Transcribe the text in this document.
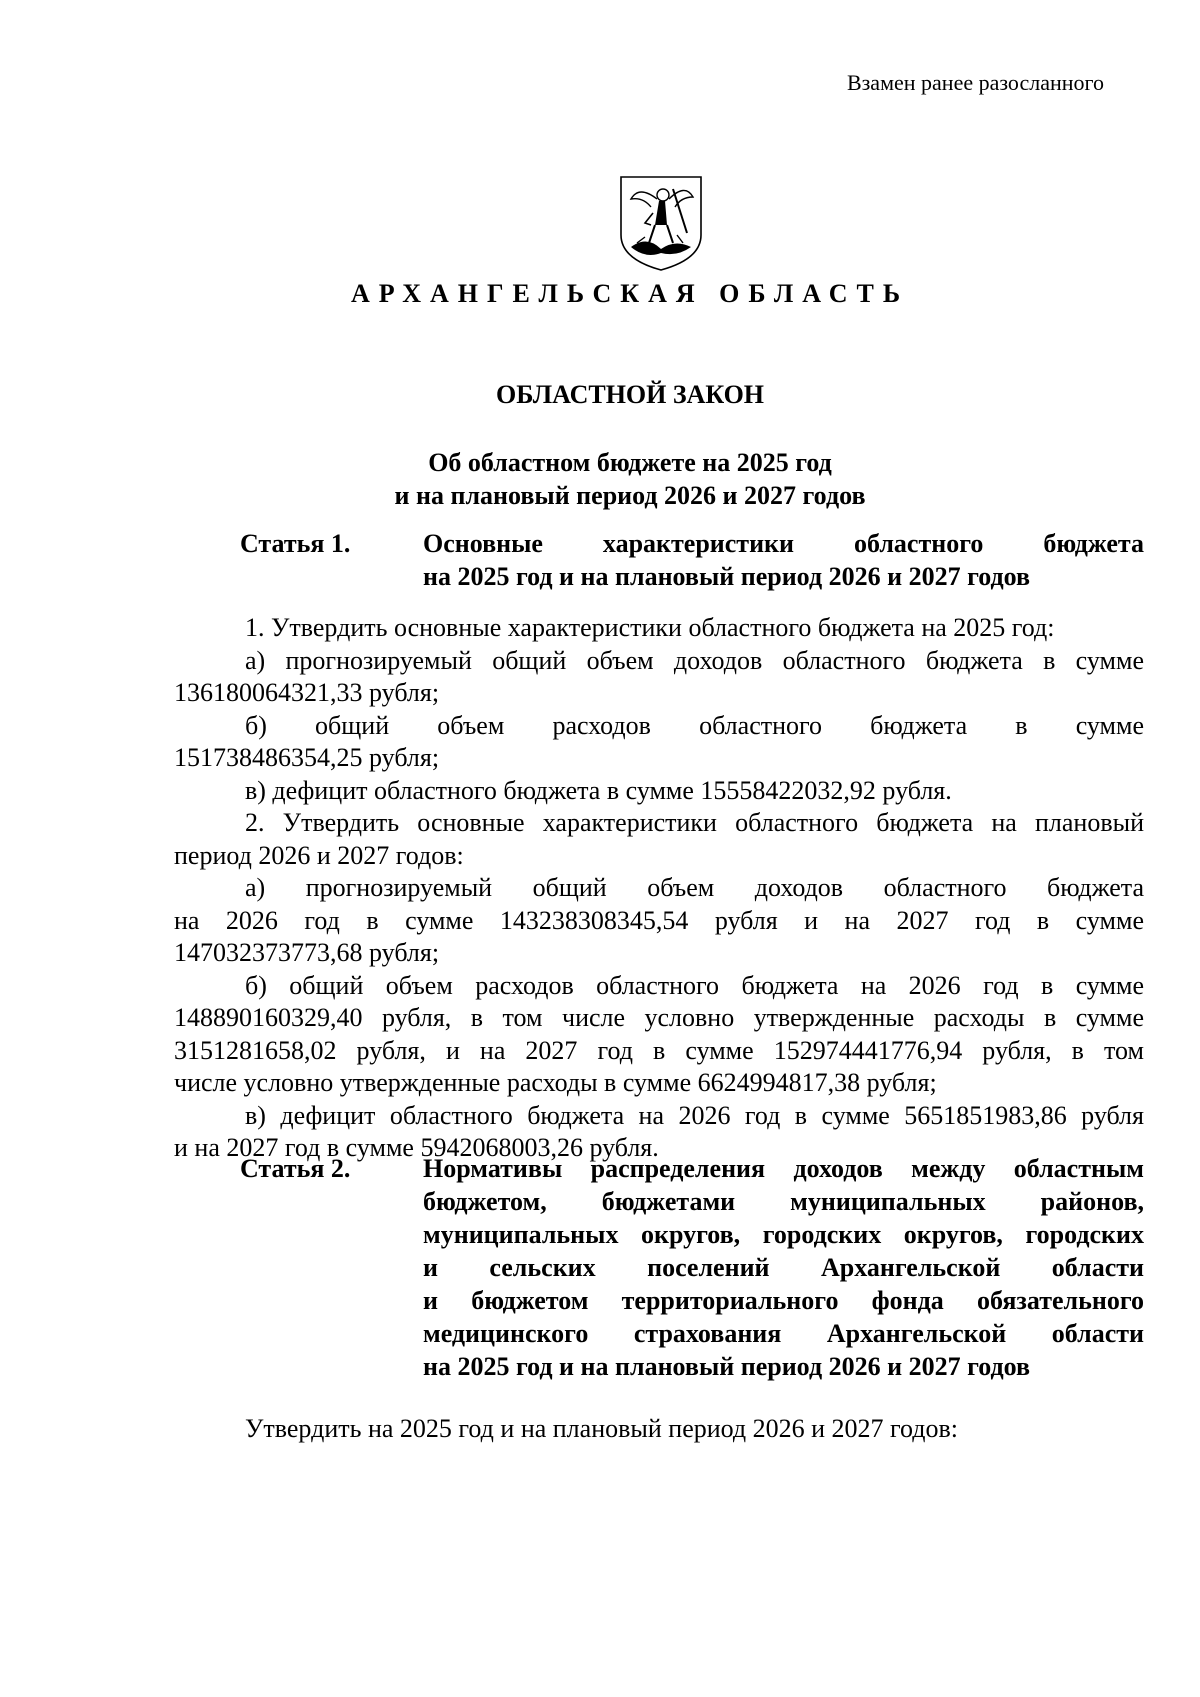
Взамен ранее разосланного
АРХАНГЕЛЬСКАЯ ОБЛАСТЬ
ОБЛАСТНОЙ ЗАКОН
Об областном бюджете на 2025 год
и на плановый период 2026 и 2027 годов
Статья 1.	Основные характеристики областного бюджета
на 2025 год и на плановый период 2026 и 2027 годов
1. Утвердить основные характеристики областного бюджета на 2025 год:
а) прогнозируемый общий объем доходов областного бюджета в сумме
136180064321,33 рубля;
б) общий объем расходов областного бюджета в сумме
151738486354,25 рубля;
в) дефицит областного бюджета в сумме 15558422032,92 рубля.
2. Утвердить основные характеристики областного бюджета на плановый
период 2026 и 2027 годов:
а) прогнозируемый общий объем доходов областного бюджета
на 2026 год в сумме 143238308345,54 рубля и на 2027 год в сумме
147032373773,68 рубля;
б) общий объем расходов областного бюджета на 2026 год в сумме
148890160329,40 рубля, в том числе условно утвержденные расходы в сумме
3151281658,02 рубля, и на 2027 год в сумме 152974441776,94 рубля, в том
числе условно утвержденные расходы в сумме 6624994817,38 рубля;
в) дефицит областного бюджета на 2026 год в сумме 5651851983,86 рубля
и на 2027 год в сумме 5942068003,26 рубля.
Статья 2.	Нормативы распределения доходов между областным
бюджетом, бюджетами муниципальных районов,
муниципальных округов, городских округов, городских
и сельских поселений Архангельской области
и бюджетом территориального фонда обязательного
медицинского страхования Архангельской области
на 2025 год и на плановый период 2026 и 2027 годов
Утвердить на 2025 год и на плановый период 2026 и 2027 годов:
